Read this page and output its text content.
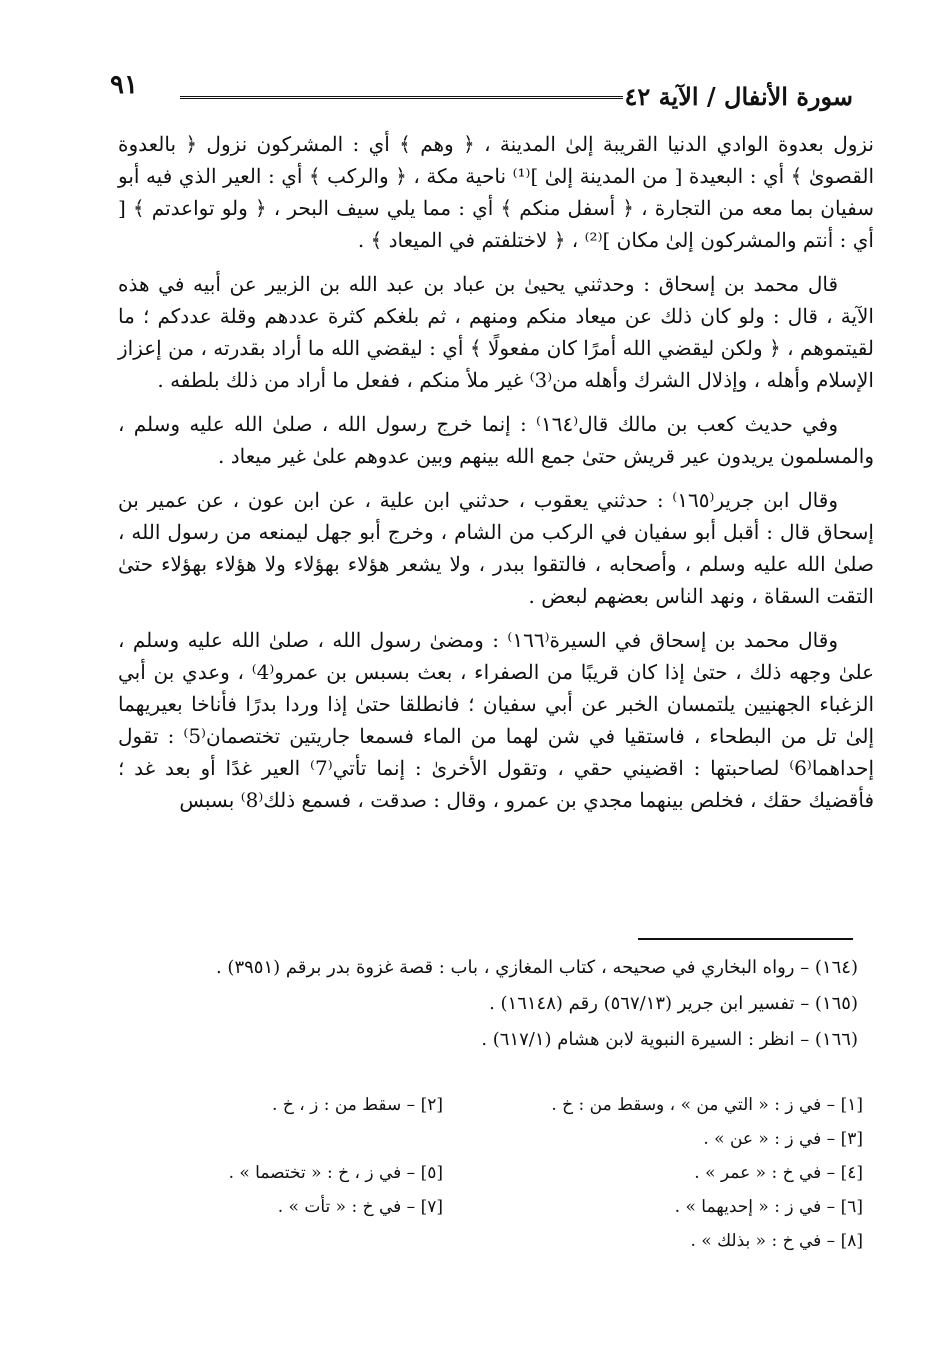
سورة الأنفال / الآية ٤٢
٩١

نزول بعدوة الوادي الدنيا القريبة إلىٰ المدينة ، ﴿ وهم ﴾ أي : المشركون نزول ﴿ بالعدوة القصوىٰ ﴾ أي : البعيدة [ من المدينة إلىٰ ]⁽¹⁾ ناحية مكة ، ﴿ والركب ﴾ أي : العير الذي فيه أبو سفيان بما معه من التجارة ، ﴿ أسفل منكم ﴾ أي : مما يلي سيف البحر ، ﴿ ولو تواعدتم ﴾ [ أي : أنتم والمشركون إلىٰ مكان ]⁽²⁾ ، ﴿ لاختلفتم في الميعاد ﴾ .

قال محمد بن إسحاق : وحدثني يحيىٰ بن عباد بن عبد الله بن الزبير عن أبيه في هذه الآية ، قال : ولو كان ذلك عن ميعاد منكم ومنهم ، ثم بلغكم كثرة عددهم وقلة عددكم ؛ ما لقيتموهم ، ﴿ ولكن ليقضي الله أمرًا كان مفعولًا ﴾ أي : ليقضي الله ما أراد بقدرته ، من إعزاز الإسلام وأهله ، وإذلال الشرك وأهله من⁽3⁾ غير ملأ منكم ، ففعل ما أراد من ذلك بلطفه .

وفي حديث كعب بن مالك قال⁽١٦٤⁾ : إنما خرج رسول الله ، صلىٰ الله عليه وسلم ، والمسلمون يريدون عير قريش حتىٰ جمع الله بينهم وبين عدوهم علىٰ غير ميعاد .

وقال ابن جرير⁽١٦٥⁾ : حدثني يعقوب ، حدثني ابن علية ، عن ابن عون ، عن عمير بن إسحاق قال : أقبل أبو سفيان في الركب من الشام ، وخرج أبو جهل ليمنعه من رسول الله ، صلىٰ الله عليه وسلم ، وأصحابه ، فالتقوا ببدر ، ولا يشعر هؤلاء بهؤلاء ولا هؤلاء بهؤلاء حتىٰ التقت السقاة ، ونهد الناس بعضهم لبعض .

وقال محمد بن إسحاق في السيرة⁽١٦٦⁾ : ومضىٰ رسول الله ، صلىٰ الله عليه وسلم ، علىٰ وجهه ذلك ، حتىٰ إذا كان قريبًا من الصفراء ، بعث بسبس بن عمرو⁽4⁾ ، وعدي بن أبي الزغباء الجهنيين يلتمسان الخبر عن أبي سفيان ؛ فانطلقا حتىٰ إذا وردا بدرًا فأناخا بعيريهما إلىٰ تل من البطحاء ، فاستقيا في شن لهما من الماء فسمعا جاريتين تختصمان⁽5⁾ : تقول إحداهما⁽6⁾ لصاحبتها : اقضيني حقي ، وتقول الأخرىٰ : إنما تأتي⁽7⁾ العير غدًا أو بعد غد ؛ فأقضيك حقك ، فخلص بينهما مجدي بن عمرو ، وقال : صدقت ، فسمع ذلك⁽8⁾ بسبس

(١٦٤) – رواه البخاري في صحيحه ، كتاب المغازي ، باب : قصة غزوة بدر برقم (٣٩٥١) .
(١٦٥) – تفسير ابن جرير (٥٦٧/١٣) رقم (١٦١٤٨) .
(١٦٦) – انظر : السيرة النبوية لابن هشام (٦١٧/١) .
[١] – في ز : « التي من » ، وسقط من : خ .
[٢] – سقط من : ز ، خ .
[٣] – في ز : « عن » .
[٤] – في خ : « عمر » .
[٥] – في ز ، خ : « تختصما » .
[٦] – في ز : « إحديهما » .
[٧] – في خ : « تأت » .
[٨] – في خ : « بذلك » .
